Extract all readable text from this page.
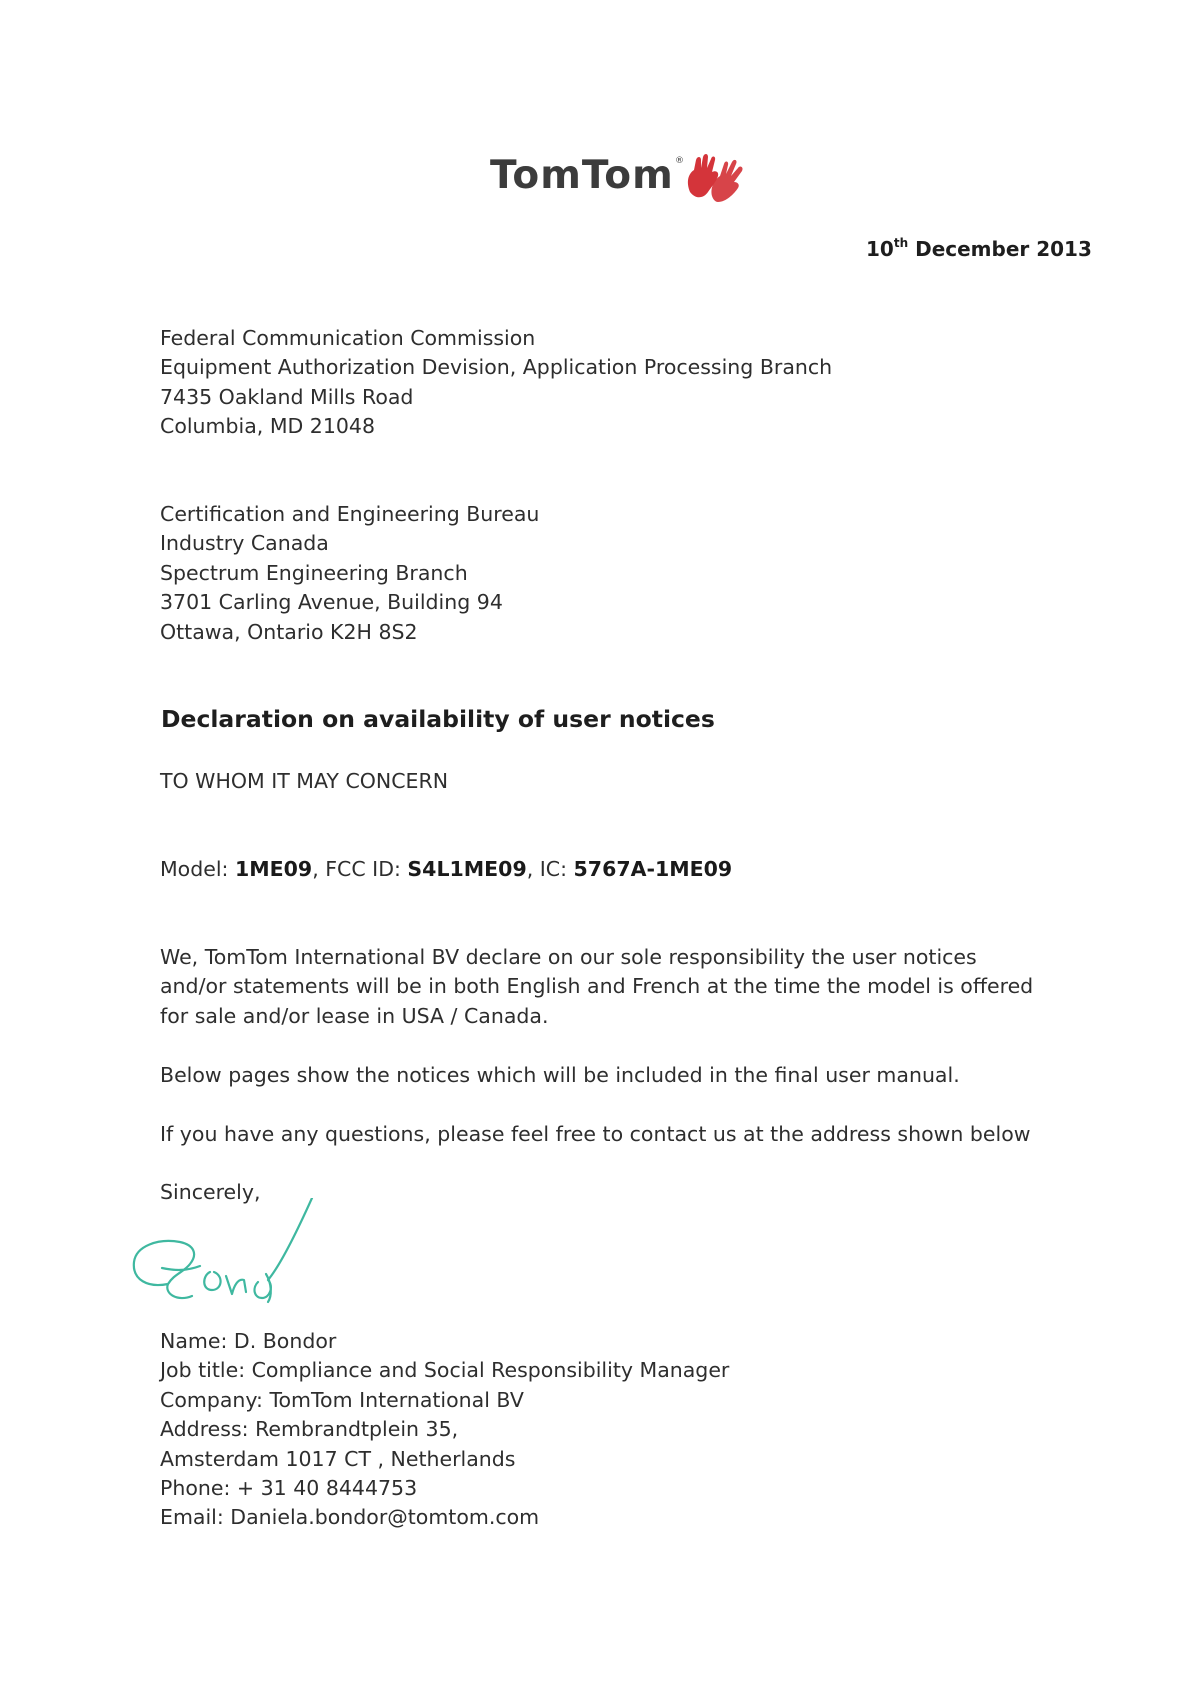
TomTom ®
10th December 2013
Federal Communication Commission
Equipment Authorization Devision, Application Processing Branch
7435 Oakland Mills Road
Columbia, MD 21048
Certification and Engineering Bureau
Industry Canada
Spectrum Engineering Branch
3701 Carling Avenue, Building 94
Ottawa, Ontario K2H 8S2
Declaration on availability of user notices
TO WHOM IT MAY CONCERN
Model: 1ME09, FCC ID: S4L1ME09, IC: 5767A-1ME09
We, TomTom International BV declare on our sole responsibility the user notices and/or statements will be in both English and French at the time the model is offered for sale and/or lease in USA / Canada.
Below pages show the notices which will be included in the final user manual.
If you have any questions, please feel free to contact us at the address shown below
Sincerely,
Name: D. Bondor
Job title: Compliance and Social Responsibility Manager
Company: TomTom International BV
Address: Rembrandtplein 35,
Amsterdam 1017 CT , Netherlands
Phone: + 31 40 8444753
Email: Daniela.bondor@tomtom.com
